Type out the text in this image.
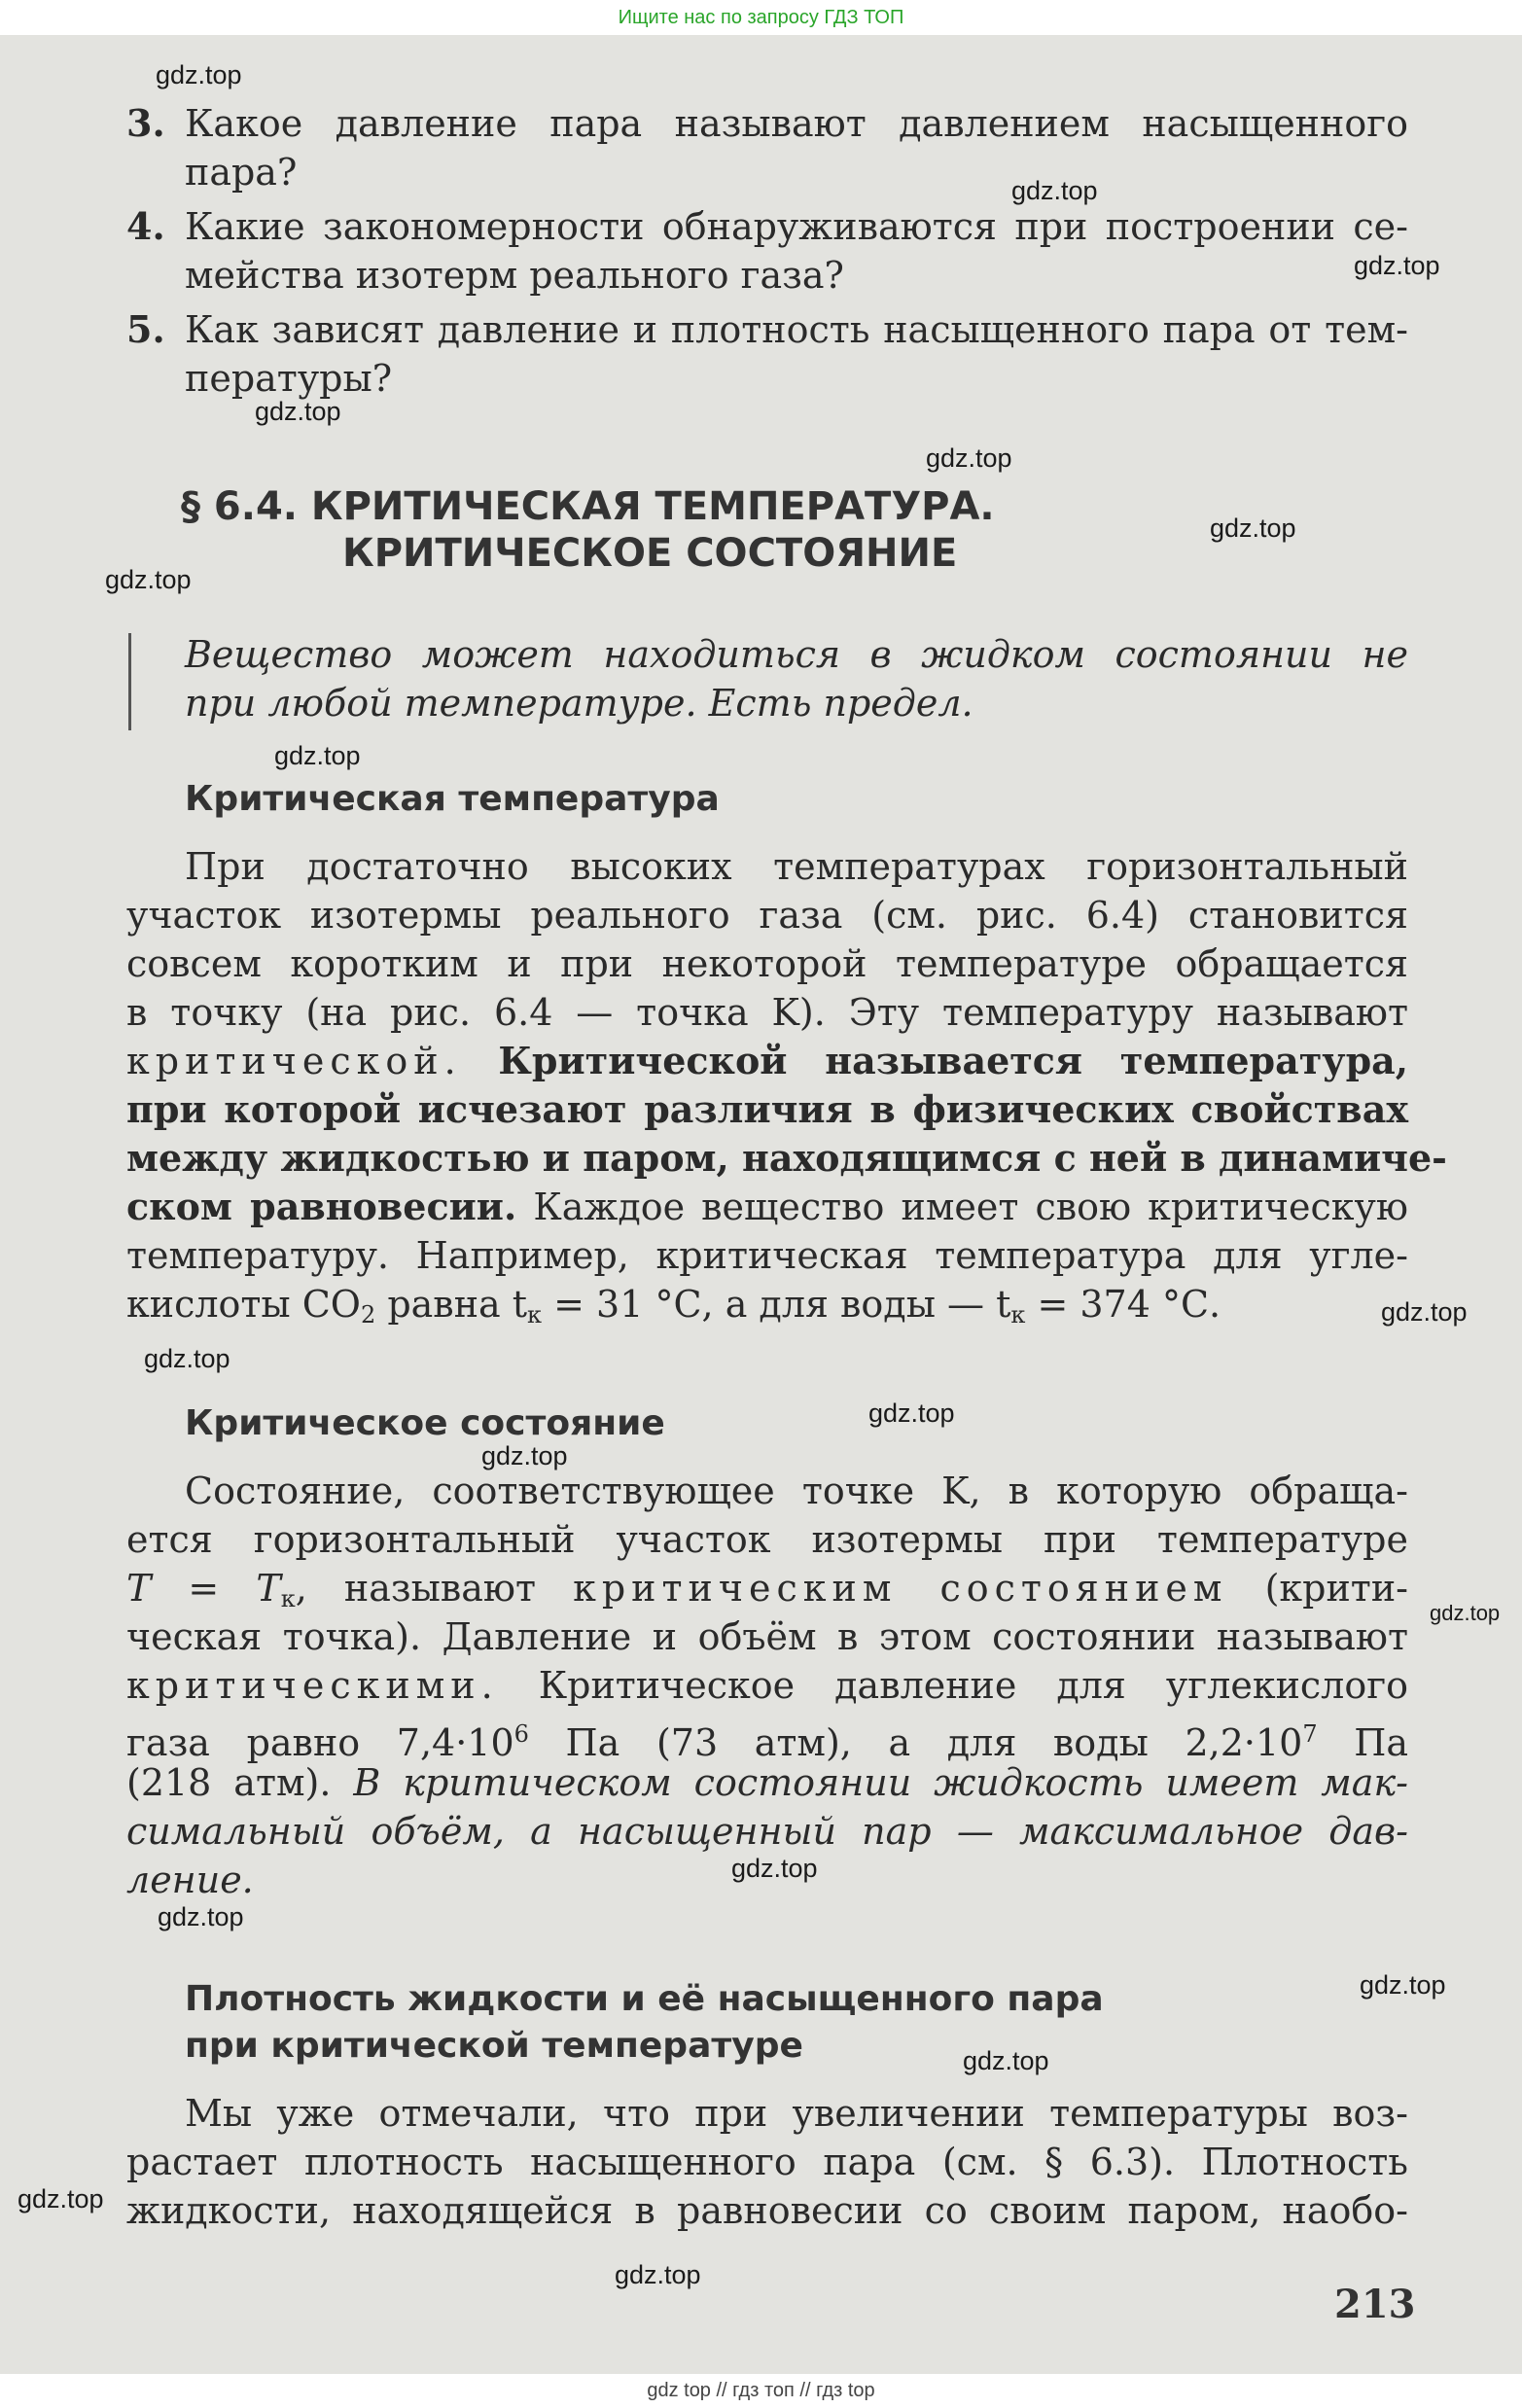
Ищите нас по запросу ГДЗ ТОП
gdz.top
gdz.top
gdz.top
gdz.top
gdz.top
gdz.top
gdz.top
gdz.top
gdz.top
gdz.top
gdz.top
gdz.top
gdz.top
gdz.top
gdz.top
gdz.top
gdz.top
gdz.top
gdz.top
3. Какое давление пара называют давлением насыщенного
пара?
4. Какие закономерности обнаруживаются при построении се-
мейства изотерм реального газа?
5. Как зависят давление и плотность насыщенного пара от тем-
пературы?
§ 6.4. КРИТИЧЕСКАЯ ТЕМПЕРАТУРА.
КРИТИЧЕСКОЕ СОСТОЯНИЕ
Вещество может находиться в жидком состоянии не
при любой температуре. Есть предел.
Критическая температура
При достаточно высоких температурах горизонтальный
участок изотермы реального газа (см. рис. 6.4) становится
совсем коротким и при некоторой температуре обращается
в точку (на рис. 6.4 — точка K). Эту температуру называют
критической. Критической называется температура,
при которой исчезают различия в физических свойствах
между жидкостью и паром, находящимся с ней в динамиче-
ском равновесии. Каждое вещество имеет свою критическую
температуру. Например, критическая температура для угле-
кислоты $CO_2$ равна $t_к = 31$ °С, а для воды — $t_к = 374$ °С.
Критическое состояние
Состояние, соответствующее точке K, в которую обраща-
ется горизонтальный участок изотермы при температуре
$T = T_к$, называют критическим состоянием (крити-
ческая точка). Давление и объём в этом состоянии называют
критическими. Критическое давление для углекислого
газа равно $7,4\cdot 10^6$ Па (73 атм), а для воды $2,2\cdot 10^7$ Па
(218 атм). В критическом состоянии жидкость имеет мак-
симальный объём, а насыщенный пар — максимальное дав-
ление.
Плотность жидкости и её насыщенного пара
при критической температуре
Мы уже отмечали, что при увеличении температуры воз-
растает плотность насыщенного пара (см. § 6.3). Плотность
жидкости, находящейся в равновесии со своим паром, наобо-
213
gdz top // гдз топ // гдз top
